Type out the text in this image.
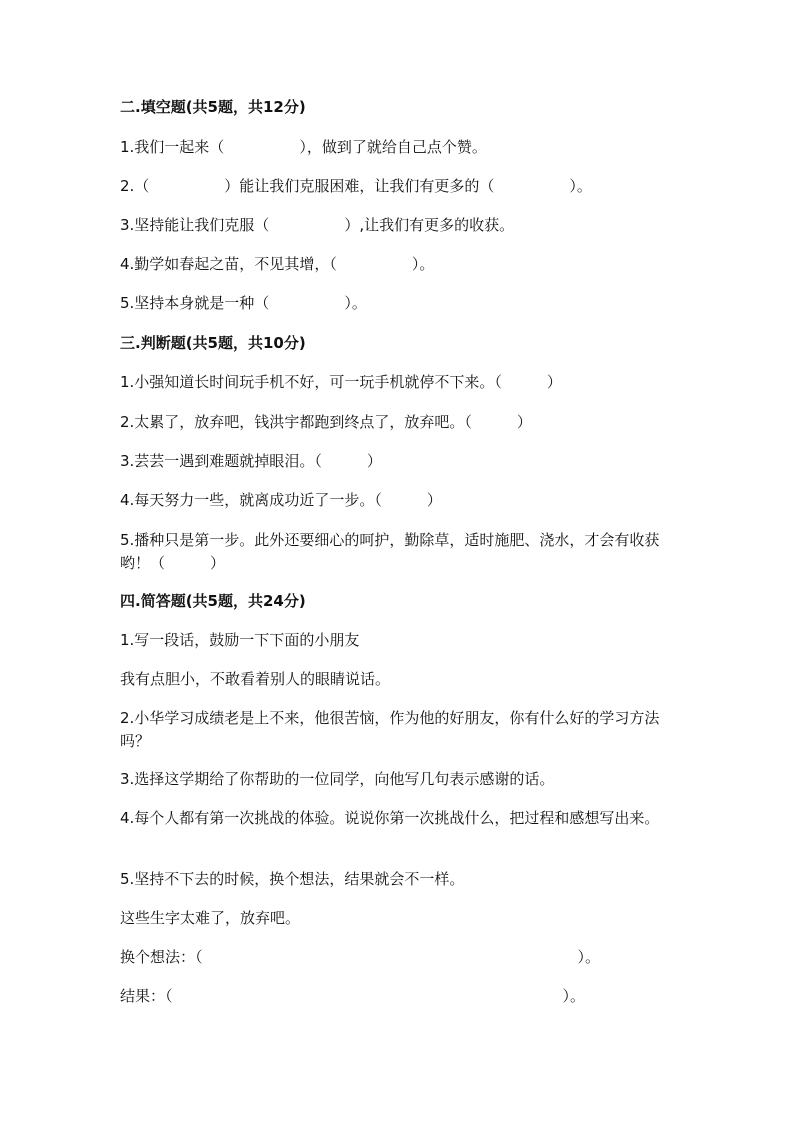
二.填空题(共5题，共12分)
1.我们一起来（　　　　　），做到了就给自己点个赞。
2.（　　　　　）能让我们克服困难，让我们有更多的（　　　　　）。
3.坚持能让我们克服（　　　　　）,让我们有更多的收获。
4.勤学如春起之苗，不见其增，（　　　　　）。
5.坚持本身就是一种（　　　　　）。
三.判断题(共5题，共10分)
1.小强知道长时间玩手机不好，可一玩手机就停不下来。（　　　）
2.太累了，放弃吧，钱洪宇都跑到终点了，放弃吧。（　　　）
3.芸芸一遇到难题就掉眼泪。（　　　）
4.每天努力一些，就离成功近了一步。（　　　）
5.播种只是第一步。此外还要细心的呵护，勤除草，适时施肥、浇水，才会有收获哟！（　　　）
四.简答题(共5题，共24分)
1.写一段话，鼓励一下下面的小朋友
我有点胆小，不敢看着别人的眼睛说话。
2.小华学习成绩老是上不来，他很苦恼，作为他的好朋友，你有什么好的学习方法吗？
3.选择这学期给了你帮助的一位同学，向他写几句表示感谢的话。
4.每个人都有第一次挑战的体验。说说你第一次挑战什么，把过程和感想写出来。
5.坚持不下去的时候，换个想法，结果就会不一样。
这些生字太难了，放弃吧。
换个想法：（　　　　　　　　　　　　　　　　　　　　　　　　　）。
结果：（　　　　　　　　　　　　　　　　　　　　　　　　　　）。
